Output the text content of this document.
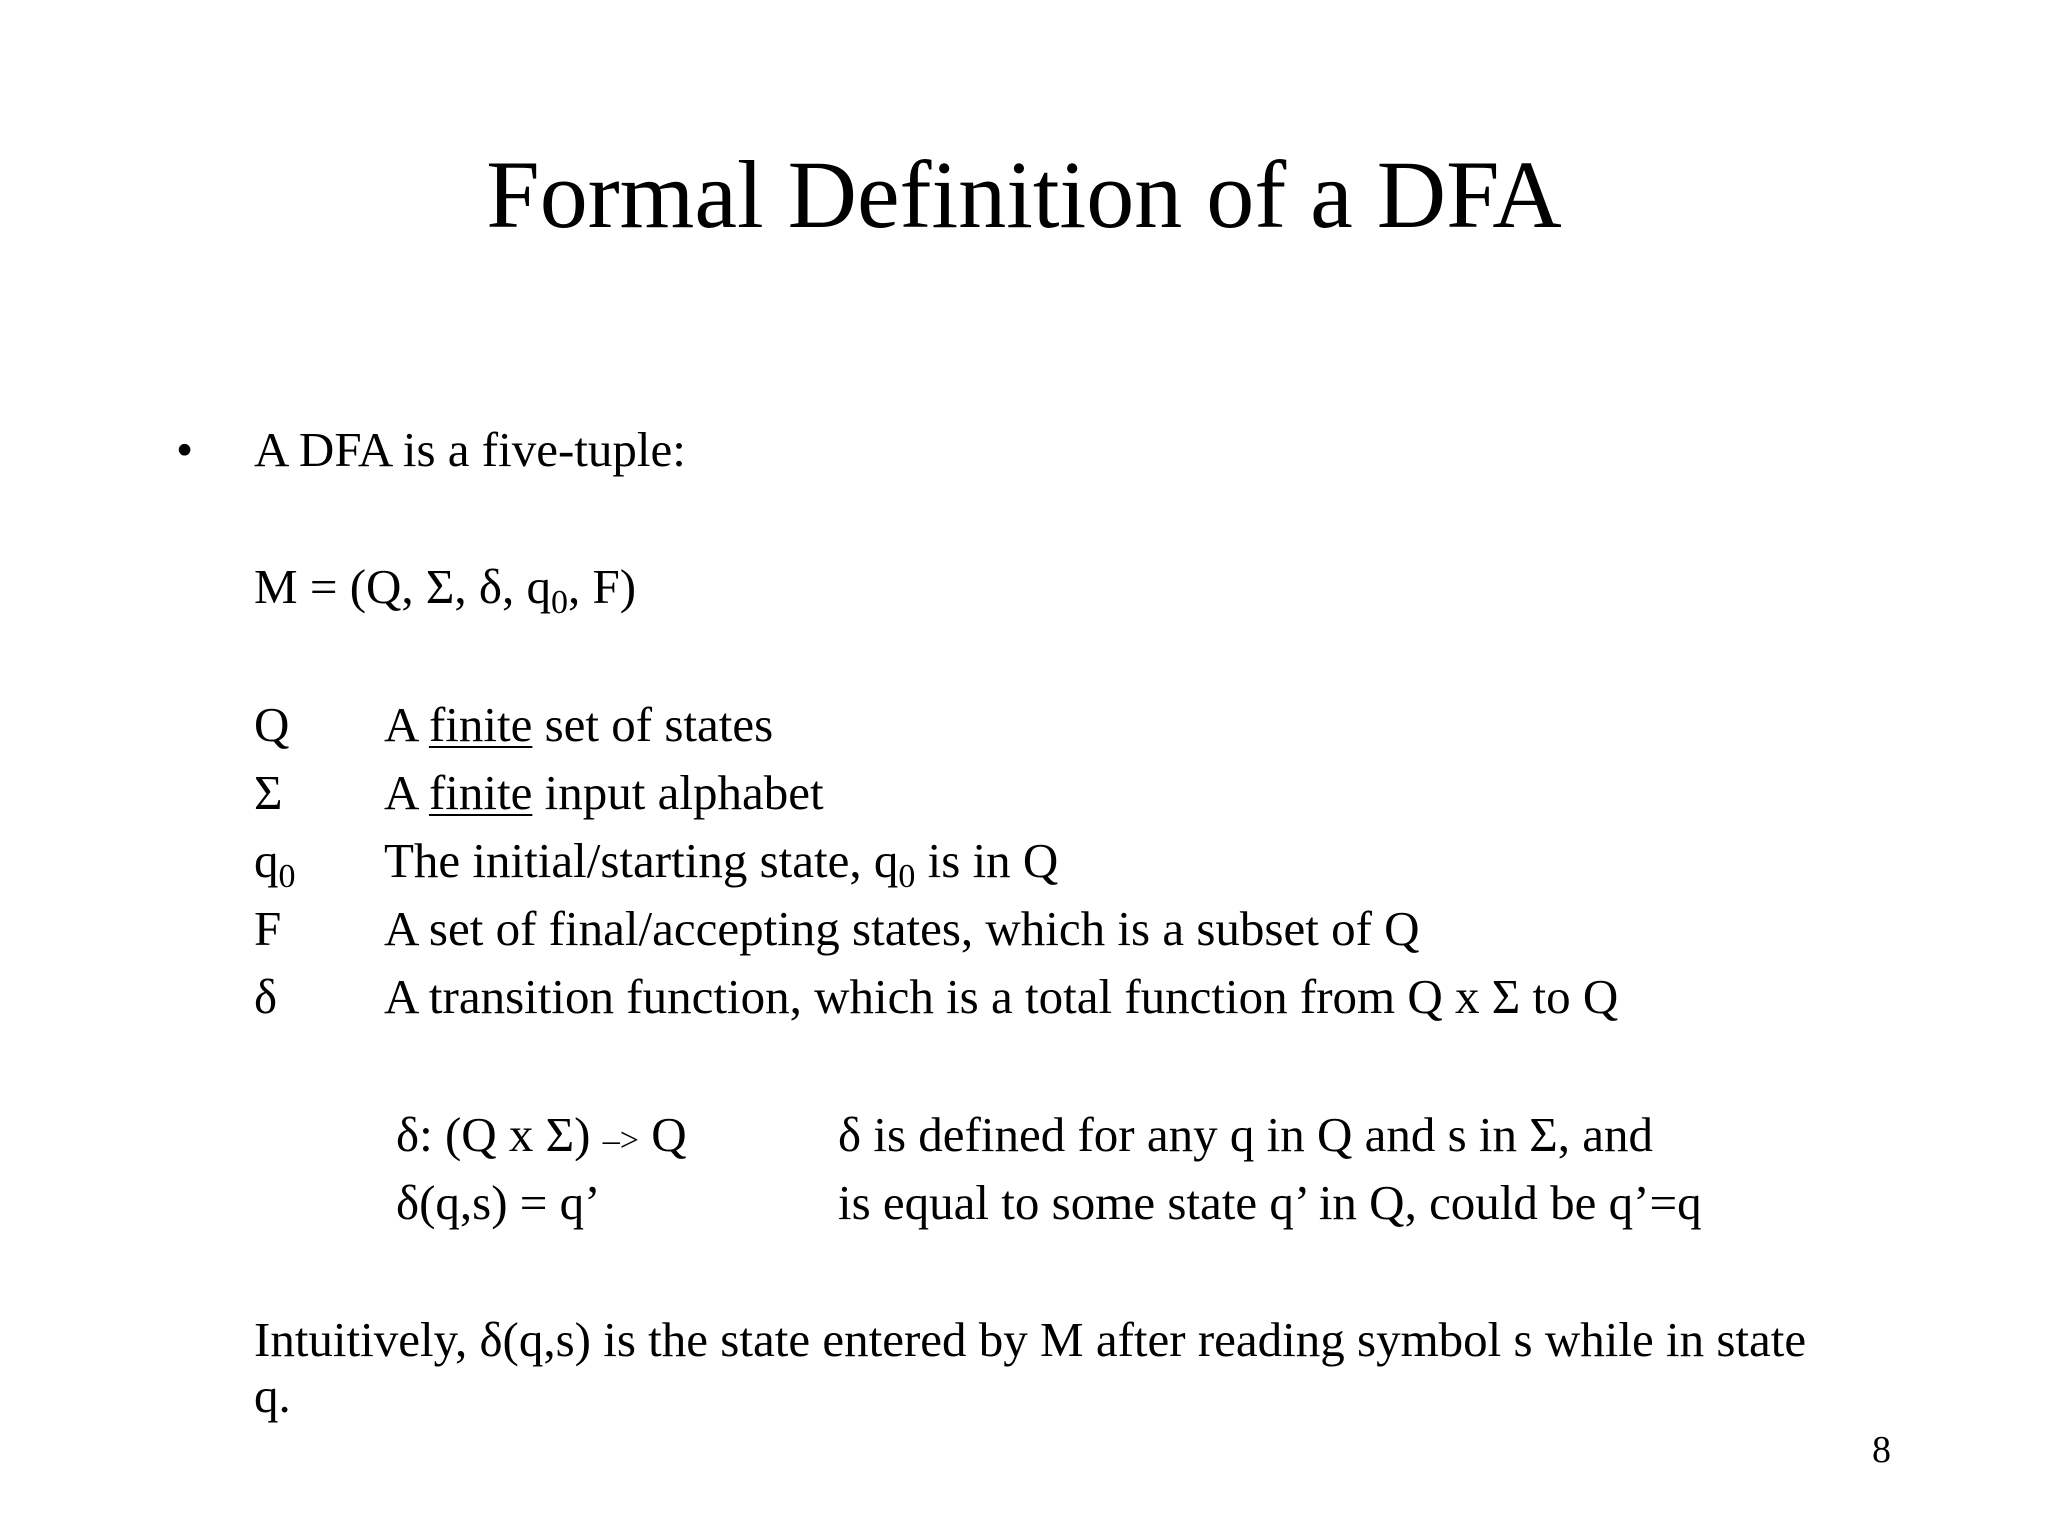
Formal Definition of a DFA
• A DFA is a five-tuple:
M = (Q, Σ, δ, $q_0$, F)
Q A finite set of states
Σ A finite input alphabet
$q_0$ The initial/starting state, $q_0$ is in Q
F A set of final/accepting states, which is a subset of Q
δ A transition function, which is a total function from Q x Σ to Q
δ: (Q x Σ) –> Q	δ is defined for any q in Q and s in Σ, and
δ(q,s) = q’	is equal to some state q’ in Q, could be q’=q
Intuitively, δ(q,s) is the state entered by M after reading symbol s while in state q.
8
